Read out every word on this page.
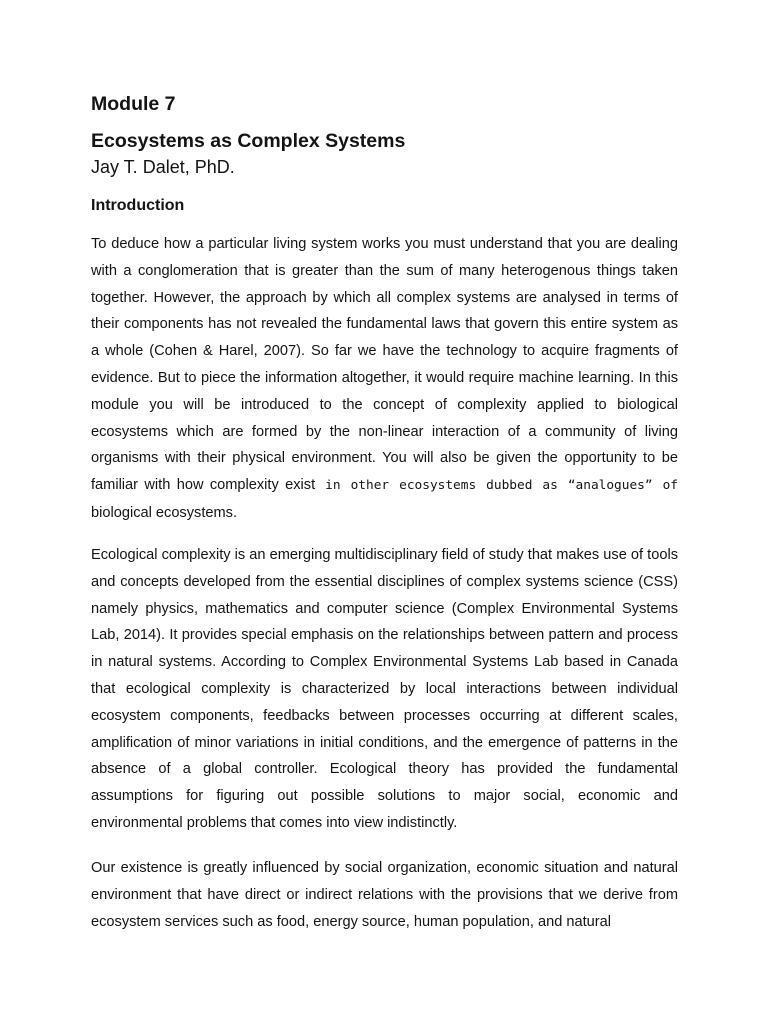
Module 7
Ecosystems as Complex Systems
Jay T. Dalet, PhD.
Introduction

To deduce how a particular living system works you must understand that you are dealing with a conglomeration that is greater than the sum of many heterogenous things taken together. However, the approach by which all complex systems are analysed in terms of their components has not revealed the fundamental laws that govern this entire system as a whole (Cohen & Harel, 2007). So far we have the technology to acquire fragments of evidence. But to piece the information altogether, it would require machine learning. In this module you will be introduced to the concept of complexity applied to biological ecosystems which are formed by the non-linear interaction of a community of living organisms with their physical environment. You will also be given the opportunity to be familiar with how complexity exist in other ecosystems dubbed as “analogues” of biological ecosystems.

Ecological complexity is an emerging multidisciplinary field of study that makes use of tools and concepts developed from the essential disciplines of complex systems science (CSS) namely physics, mathematics and computer science (Complex Environmental Systems Lab, 2014). It provides special emphasis on the relationships between pattern and process in natural systems. According to Complex Environmental Systems Lab based in Canada that ecological complexity is characterized by local interactions between individual ecosystem components, feedbacks between processes occurring at different scales, amplification of minor variations in initial conditions, and the emergence of patterns in the absence of a global controller. Ecological theory has provided the fundamental assumptions for figuring out possible solutions to major social, economic and environmental problems that comes into view indistinctly.

Our existence is greatly influenced by social organization, economic situation and natural environment that have direct or indirect relations with the provisions that we derive from ecosystem services such as food, energy source, human population, and natural
